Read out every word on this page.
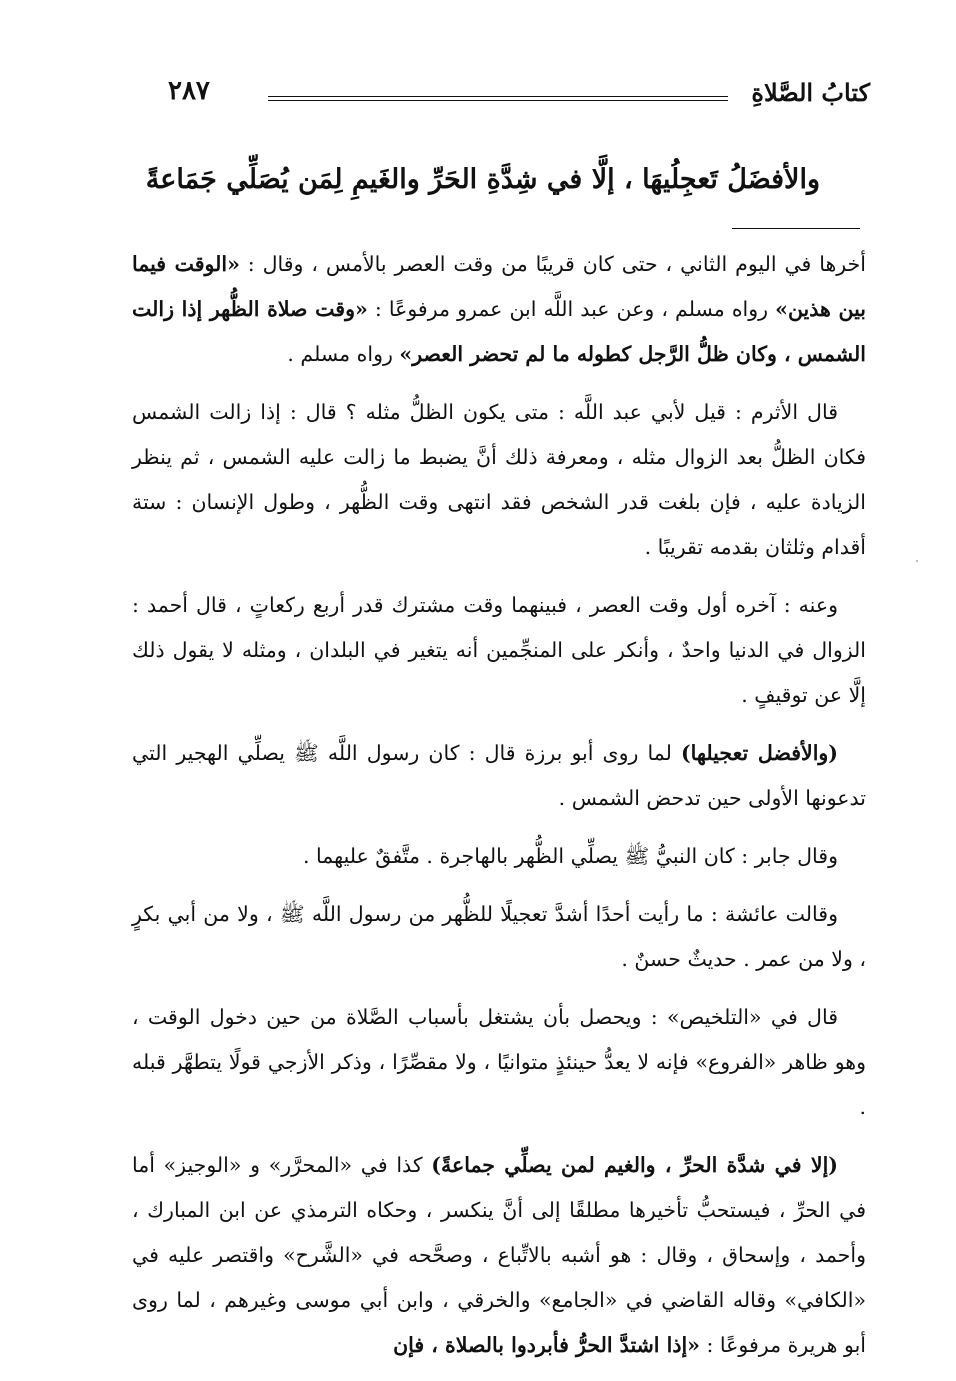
كتابُ الصَّلاةِ
٢٨٧
والأفضَلُ تَعجِلُيهَا ، إلَّا في شِدَّةِ الحَرِّ والغَيمِ لِمَن يُصَلِّي جَمَاعةً

أخرها في اليوم الثاني ، حتى كان قريبًا من وقت العصر بالأمس ، وقال : «الوقت فيما بين هذين» رواه مسلم ، وعن عبد اللَّه ابن عمرو مرفوعًا : «وقت صلاة الظُّهر إذا زالت الشمس ، وكان ظلُّ الرَّجل كطوله ما لم تحضر العصر» رواه مسلم .

قال الأثرم : قيل لأبي عبد اللَّه : متى يكون الظلُّ مثله ؟ قال : إذا زالت الشمس فكان الظلُّ بعد الزوال مثله ، ومعرفة ذلك أنَّ يضبط ما زالت عليه الشمس ، ثم ينظر الزيادة عليه ، فإن بلغت قدر الشخص فقد انتهى وقت الظُّهر ، وطول الإنسان : ستة أقدام وثلثان بقدمه تقريبًا .

وعنه : آخره أول وقت العصر ، فبينهما وقت مشترك قدر أربع ركعاتٍ ، قال أحمد : الزوال في الدنيا واحدٌ ، وأنكر على المنجِّمين أنه يتغير في البلدان ، ومثله لا يقول ذلك إلَّا عن توقيفٍ .

(والأفضل تعجيلها) لما روى أبو برزة قال : كان رسول اللَّه ﷺ يصلِّي الهجير التي تدعونها الأولى حين تدحض الشمس .

وقال جابر : كان النبيُّ ﷺ يصلِّي الظُّهر بالهاجرة . متَّفقٌ عليهما .

وقالت عائشة : ما رأيت أحدًا أشدَّ تعجيلًا للظُّهر من رسول اللَّه ﷺ ، ولا من أبي بكرٍ ، ولا من عمر . حديثٌ حسنٌ .

قال في «التلخيص» : ويحصل بأن يشتغل بأسباب الصَّلاة من حين دخول الوقت ، وهو ظاهر «الفروع» فإنه لا يعدُّ حينئذٍ متوانيًا ، ولا مقصِّرًا ، وذكر الأزجي قولًا يتطهَّر قبله .

(إلا في شدَّة الحرِّ ، والغيم لمن يصلِّي جماعةً) كذا في «المحرَّر» و «الوجيز» أما في الحرِّ ، فيستحبُّ تأخيرها مطلقًا إلى أنَّ ينكسر ، وحكاه الترمذي عن ابن المبارك ، وأحمد ، وإسحاق ، وقال : هو أشبه بالاتِّباع ، وصحَّحه في «الشَّرح» واقتصر عليه في «الكافي» وقاله القاضي في «الجامع» والخرقي ، وابن أبي موسى وغيرهم ، لما روى أبو هريرة مرفوعًا : «إذا اشتدَّ الحرُّ فأبردوا بالصلاة ، فإن
